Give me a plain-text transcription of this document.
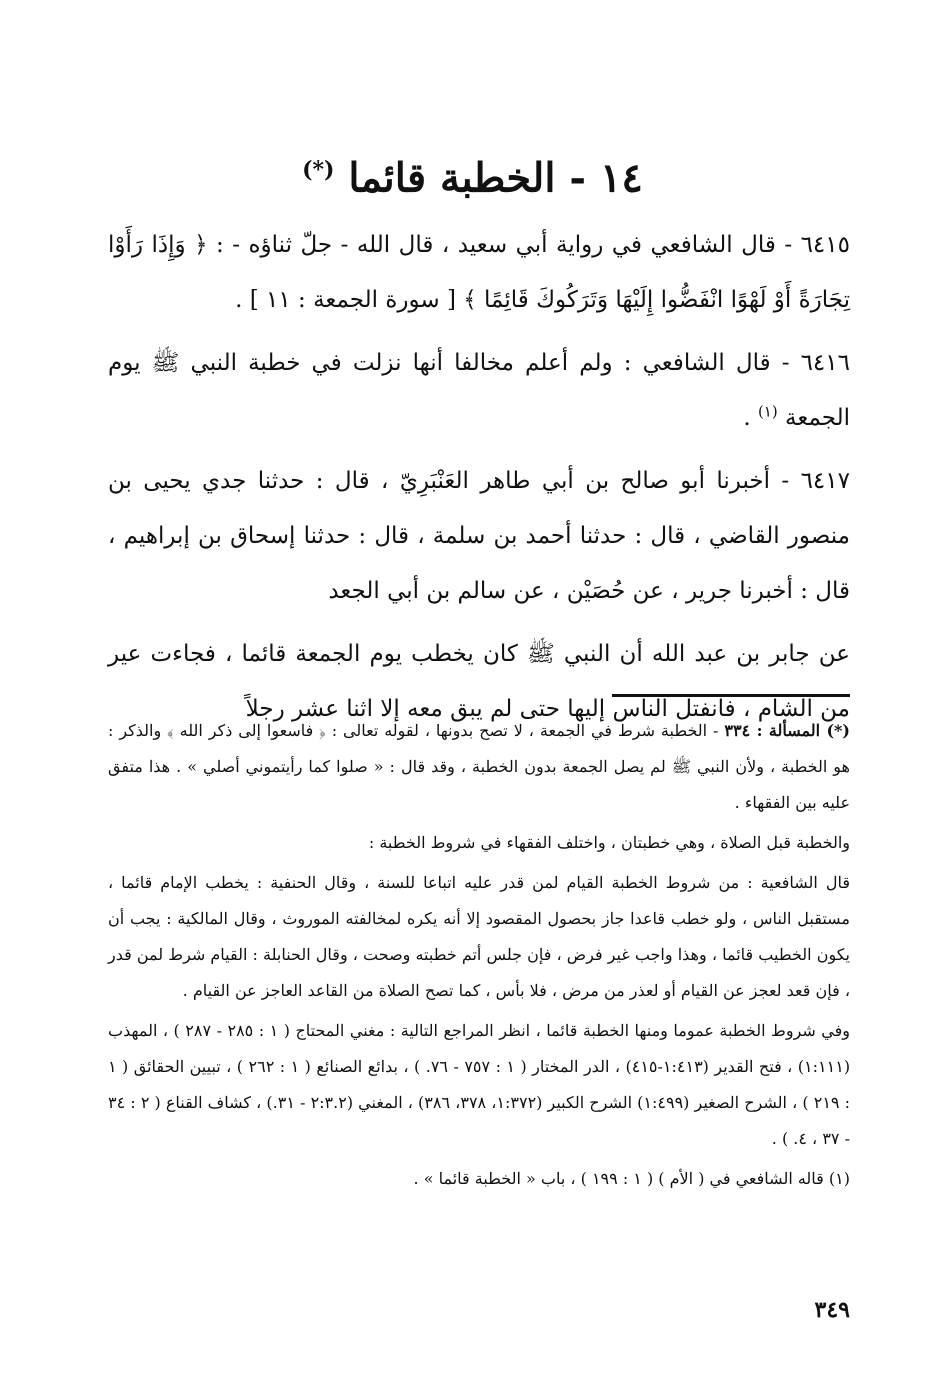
١٤ - الخطبة قائما (*)

٦٤١٥ - قال الشافعي في رواية أبي سعيد ، قال الله - جلّ ثناؤه - : ﴿ وَإِذَا رَأَوْا تِجَارَةً أَوْ لَهْوًا انْفَضُّوا إِلَيْهَا وَتَرَكُوكَ قَائِمًا ﴾ [ سورة الجمعة : ١١ ] .

٦٤١٦ - قال الشافعي : ولم أعلم مخالفا أنها نزلت في خطبة النبي ﷺ يوم الجمعة $^{(١)}$ .

٦٤١٧ - أخبرنا أبو صالح بن أبي طاهر العَنْبَرِيّ ، قال : حدثنا جدي يحيى بن منصور القاضي ، قال : حدثنا أحمد بن سلمة ، قال : حدثنا إسحاق بن إبراهيم ، قال : أخبرنا جرير ، عن حُصَيْن ، عن سالم بن أبي الجعد

عن جابر بن عبد الله أن النبي ﷺ كان يخطب يوم الجمعة قائما ، فجاءت عير من الشام ، فانفتل الناس إليها حتى لم يبق معه إلا اثنا عشر رجلاً

(*) المسألة : ٣٣٤ - الخطبة شرط في الجمعة ، لا تصح بدونها ، لقوله تعالى : ﴿ فاسعوا إلى ذكر الله ﴾ والذكر : هو الخطبة ، ولأن النبي ﷺ لم يصل الجمعة بدون الخطبة ، وقد قال : « صلوا كما رأيتموني أصلي » . هذا متفق عليه بين الفقهاء .

والخطبة قبل الصلاة ، وهي خطبتان ، واختلف الفقهاء في شروط الخطبة :

قال الشافعية : من شروط الخطبة القيام لمن قدر عليه اتباعا للسنة ، وقال الحنفية : يخطب الإمام قائما ، مستقبل الناس ، ولو خطب قاعدا جاز بحصول المقصود إلا أنه يكره لمخالفته الموروث ، وقال المالكية : يجب أن يكون الخطيب قائما ، وهذا واجب غير فرض ، فإن جلس أتم خطبته وصحت ، وقال الحنابلة : القيام شرط لمن قدر ، فإن قعد لعجز عن القيام أو لعذر من مرض ، فلا بأس ، كما تصح الصلاة من القاعد العاجز عن القيام .

وفي شروط الخطبة عموما ومنها الخطبة قائما ، انظر المراجع التالية : مغني المحتاج ( ١ : ٢٨٥ - ٢٨٧ ) ، المهذب (١:١١١) ، فتح القدير (١:٤١٣-٤١٥) ، الدر المختار ( ١ : ٧٥٧ - ٧٦. ) ، بدائع الصنائع ( ١ : ٢٦٢ ) ، تبيين الحقائق ( ١ : ٢١٩ ) ، الشرح الصغير (١:٤٩٩) الشرح الكبير (١:٣٧٢، ٣٧٨، ٣٨٦) ، المغني (٢:٣.٢ - ٣١.) ، كشاف القناع ( ٢ : ٣٤ - ٣٧ ، ٤. ) .

(١) قاله الشافعي في ( الأم ) ( ١ : ١٩٩ ) ، باب « الخطبة قائما » .

٣٤٩
